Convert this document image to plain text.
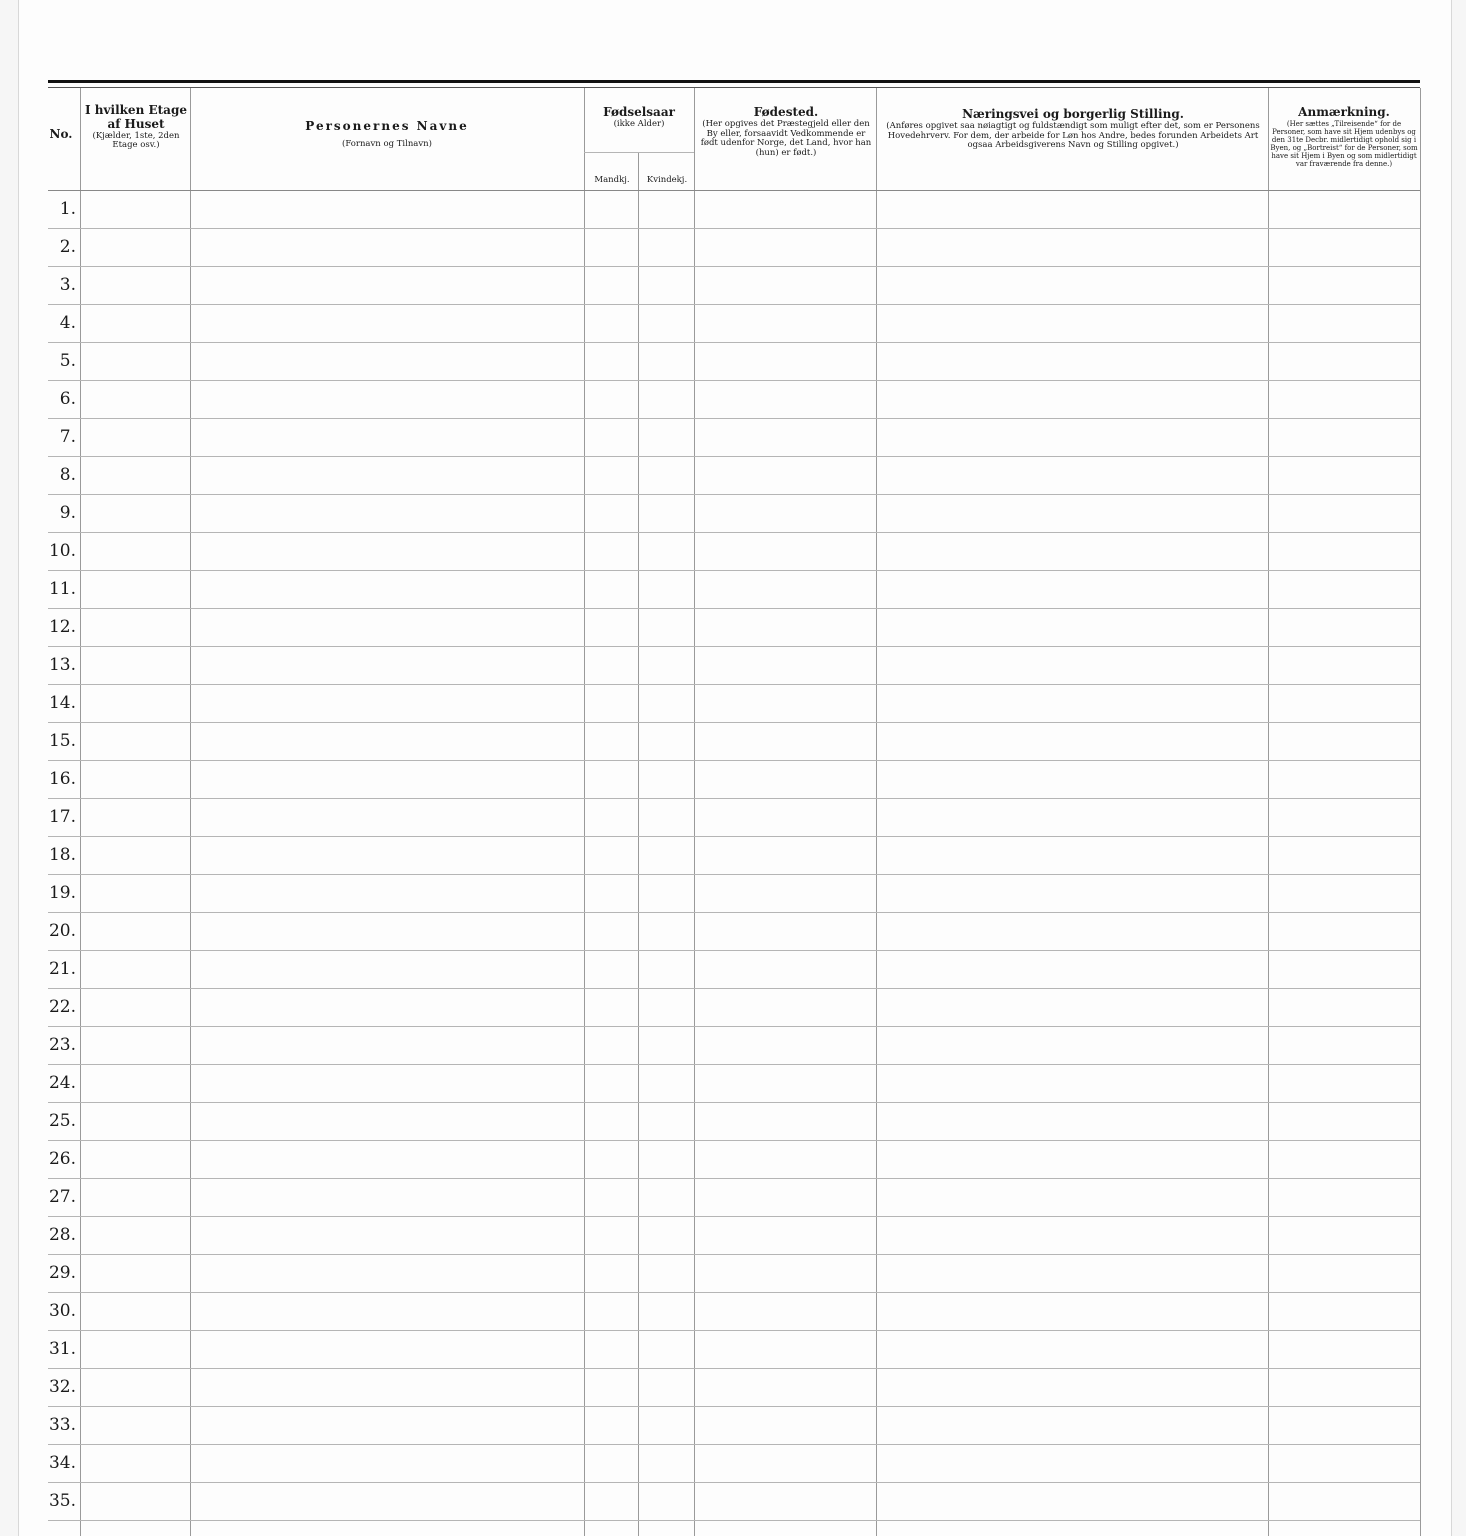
No.
I hvilken Etage af Huset
(Kjælder, 1ste, 2den Etage osv.)
Personernes Navne
(Fornavn og Tilnavn)
Fødselsaar
(ikke Alder)
Mandkj.	Kvindekj.
Fødested.
(Her opgives det Præstegjeld eller den By eller, forsaavidt Vedkommende er født udenfor Norge, det Land, hvor han (hun) er født.)
Næringsvei og borgerlig Stilling.
(Anføres opgivet saa nøiagtigt og fuldstændigt som muligt efter det, som er Personens Hovedehrverv. For dem, der arbeide for Løn hos Andre, bedes forunden Arbeidets Art ogsaa Arbeidsgiverens Navn og Stilling opgivet.)
Anmærkning.
(Her sættes „Tilreisende“ for de Personer, som have sit Hjem udenbys og den 31te Decbr. midlertidigt ophold sig i Byen, og „Bortreist“ for de Personer, som have sit Hjem i Byen og som midlertidigt var fraværende fra denne.)
1.
2.
3.
4.
5.
6.
7.
8.
9.
10.
11.
12.
13.
14.
15.
16.
17.
18.
19.
20.
21.
22.
23.
24.
25.
26.
27.
28.
29.
30.
31.
32.
33.
34.
35.
